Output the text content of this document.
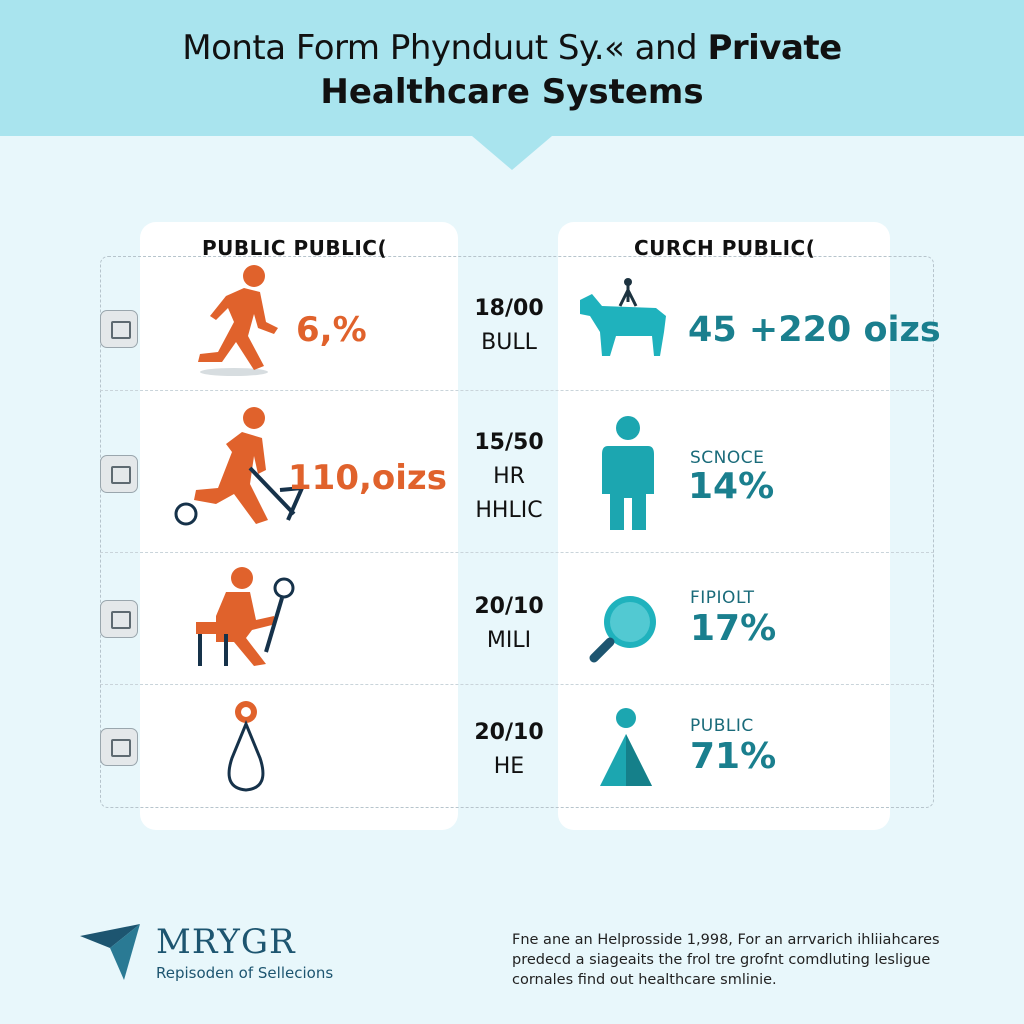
Monta Form Phynduut Sy.« and Private
Healthcare Systems
PUBLIC PUBLIC(	CURCH PUBLIC(
6,%
18/00
BULL	45 +220 oizs
110,oizs
15/50
HR
HHLIC
SCNOCE
14%
20/10
MILI
FIPIOLT
17%
20/10
HE
PUBLIC
71%
MRYGR
Repisoden of Sellecions
Fne ane an Helprosside 1,998, For an arrvarich ihliiahcares predecd a siageaits the frol tre grofnt comdluting lesligue cornales find out healthcare smlinie.
